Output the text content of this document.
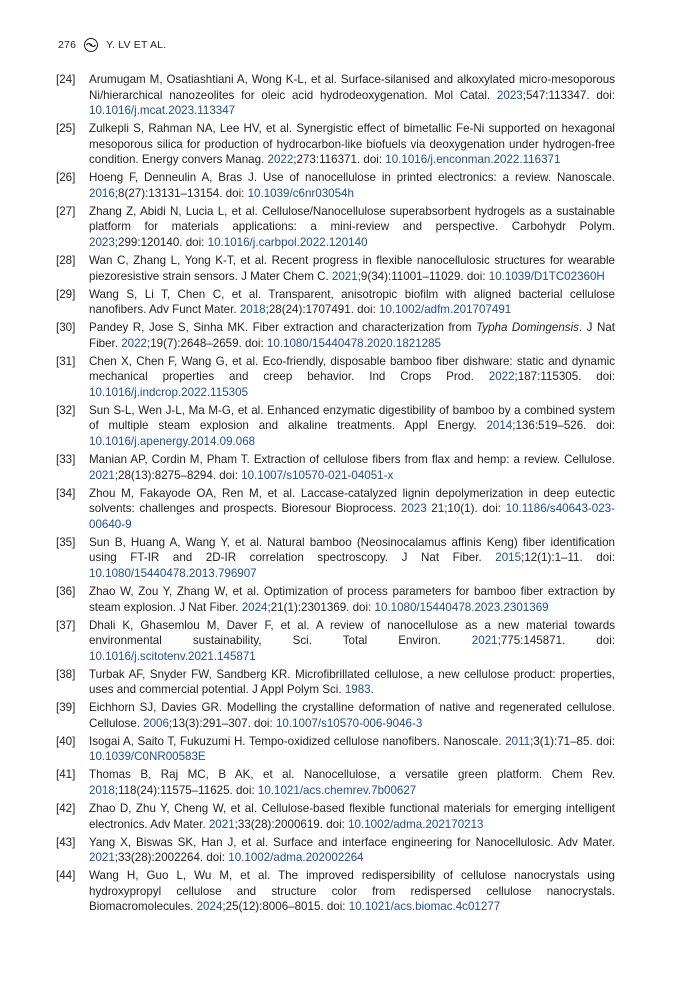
276	Y. LV ET AL.
[24] Arumugam M, Osatiashtiani A, Wong K-L, et al. Surface-silanised and alkoxylated micro-mesoporous Ni/hierarchical nanozeolites for oleic acid hydrodeoxygenation. Mol Catal. 2023;547:113347. doi: 10.1016/j.mcat.2023.113347
[25] Zulkepli S, Rahman NA, Lee HV, et al. Synergistic effect of bimetallic Fe-Ni supported on hexagonal mesoporous silica for production of hydrocarbon-like biofuels via deoxygenation under hydrogen-free condition. Energy convers Manag. 2022;273:116371. doi: 10.1016/j.enconman.2022.116371
[26] Hoeng F, Denneulin A, Bras J. Use of nanocellulose in printed electronics: a review. Nanoscale. 2016;8(27):13131–13154. doi: 10.1039/c6nr03054h
[27] Zhang Z, Abidi N, Lucia L, et al. Cellulose/Nanocellulose superabsorbent hydrogels as a sustainable platform for materials applications: a mini-review and perspective. Carbohydr Polym. 2023;299:120140. doi: 10.1016/j.carbpol.2022.120140
[28] Wan C, Zhang L, Yong K-T, et al. Recent progress in flexible nanocellulosic structures for wearable piezoresistive strain sensors. J Mater Chem C. 2021;9(34):11001–11029. doi: 10.1039/D1TC02360H
[29] Wang S, Li T, Chen C, et al. Transparent, anisotropic biofilm with aligned bacterial cellulose nanofibers. Adv Funct Mater. 2018;28(24):1707491. doi: 10.1002/adfm.201707491
[30] Pandey R, Jose S, Sinha MK. Fiber extraction and characterization from Typha Domingensis. J Nat Fiber. 2022;19(7):2648–2659. doi: 10.1080/15440478.2020.1821285
[31] Chen X, Chen F, Wang G, et al. Eco-friendly, disposable bamboo fiber dishware: static and dynamic mechanical properties and creep behavior. Ind Crops Prod. 2022;187:115305. doi: 10.1016/j.indcrop.2022.115305
[32] Sun S-L, Wen J-L, Ma M-G, et al. Enhanced enzymatic digestibility of bamboo by a combined system of multiple steam explosion and alkaline treatments. Appl Energy. 2014;136:519–526. doi: 10.1016/j.apenergy.2014.09.068
[33] Manian AP, Cordin M, Pham T. Extraction of cellulose fibers from flax and hemp: a review. Cellulose. 2021;28(13):8275–8294. doi: 10.1007/s10570-021-04051-x
[34] Zhou M, Fakayode OA, Ren M, et al. Laccase-catalyzed lignin depolymerization in deep eutectic solvents: challenges and prospects. Bioresour Bioprocess. 2023 21;10(1). doi: 10.1186/s40643-023-00640-9
[35] Sun B, Huang A, Wang Y, et al. Natural bamboo (Neosinocalamus affinis Keng) fiber identification using FT-IR and 2D-IR correlation spectroscopy. J Nat Fiber. 2015;12(1):1–11. doi: 10.1080/15440478.2013.796907
[36] Zhao W, Zou Y, Zhang W, et al. Optimization of process parameters for bamboo fiber extraction by steam explosion. J Nat Fiber. 2024;21(1):2301369. doi: 10.1080/15440478.2023.2301369
[37] Dhali K, Ghasemlou M, Daver F, et al. A review of nanocellulose as a new material towards environmental sustainability, Sci. Total Environ. 2021;775:145871. doi: 10.1016/j.scitotenv.2021.145871
[38] Turbak AF, Snyder FW, Sandberg KR. Microfibrillated cellulose, a new cellulose product: properties, uses and commercial potential. J Appl Polym Sci. 1983.
[39] Eichhorn SJ, Davies GR. Modelling the crystalline deformation of native and regenerated cellulose. Cellulose. 2006;13(3):291–307. doi: 10.1007/s10570-006-9046-3
[40] Isogai A, Saito T, Fukuzumi H. Tempo-oxidized cellulose nanofibers. Nanoscale. 2011;3(1):71–85. doi: 10.1039/C0NR00583E
[41] Thomas B, Raj MC, B AK, et al. Nanocellulose, a versatile green platform. Chem Rev. 2018;118(24):11575–11625. doi: 10.1021/acs.chemrev.7b00627
[42] Zhao D, Zhu Y, Cheng W, et al. Cellulose-based flexible functional materials for emerging intelligent electronics. Adv Mater. 2021;33(28):2000619. doi: 10.1002/adma.202170213
[43] Yang X, Biswas SK, Han J, et al. Surface and interface engineering for Nanocellulosic. Adv Mater. 2021;33(28):2002264. doi: 10.1002/adma.202002264
[44] Wang H, Guo L, Wu M, et al. The improved redispersibility of cellulose nanocrystals using hydroxypropyl cellulose and structure color from redispersed cellulose nanocrystals. Biomacromolecules. 2024;25(12):8006–8015. doi: 10.1021/acs.biomac.4c01277
